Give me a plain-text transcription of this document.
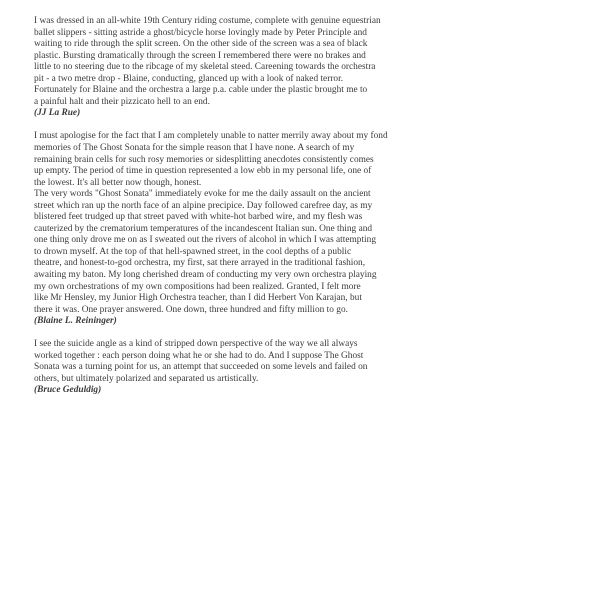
I was dressed in an all-white 19th Century riding costume, complete with genuine equestrian
ballet slippers - sitting astride a ghost/bicycle horse lovingly made by Peter Principle and
waiting to ride through the split screen. On the other side of the screen was a sea of black
plastic. Bursting dramatically through the screen I remembered there were no brakes and
little to no steering due to the ribcage of my skeletal steed. Careening towards the orchestra
pit - a two metre drop - Blaine, conducting, glanced up with a look of naked terror.
Fortunately for Blaine and the orchestra a large p.a. cable under the plastic brought me to
a painful halt and their pizzicato hell to an end.
(JJ La Rue)
I must apologise for the fact that I am completely unable to natter merrily away about my fond
memories of The Ghost Sonata for the simple reason that I have none. A search of my
remaining brain cells for such rosy memories or sidesplitting anecdotes consistently comes
up empty. The period of time in question represented a low ebb in my personal life, one of
the lowest. It's all better now though, honest.
The very words "Ghost Sonata" immediately evoke for me the daily assault on the ancient
street which ran up the north face of an alpine precipice. Day followed carefree day, as my
blistered feet trudged up that street paved with white-hot barbed wire, and my flesh was
cauterized by the crematorium temperatures of the incandescent Italian sun. One thing and
one thing only drove me on as I sweated out the rivers of alcohol in which I was attempting
to drown myself. At the top of that hell-spawned street, in the cool depths of a public
theatre, and honest-to-god orchestra, my first, sat there arrayed in the traditional fashion,
awaiting my baton. My long cherished dream of conducting my very own orchestra playing
my own orchestrations of my own compositions had been realized. Granted, I felt more
like Mr Hensley, my Junior High Orchestra teacher, than I did Herbert Von Karajan, but
there it was. One prayer answered. One down, three hundred and fifty million to go.
(Blaine L. Reininger)
I see the suicide angle as a kind of stripped down perspective of the way we all always
worked together : each person doing what he or she had to do. And I suppose The Ghost
Sonata was a turning point for us, an attempt that succeeded on some levels and failed on
others, but ultimately polarized and separated us artistically.
(Bruce Geduldig)
